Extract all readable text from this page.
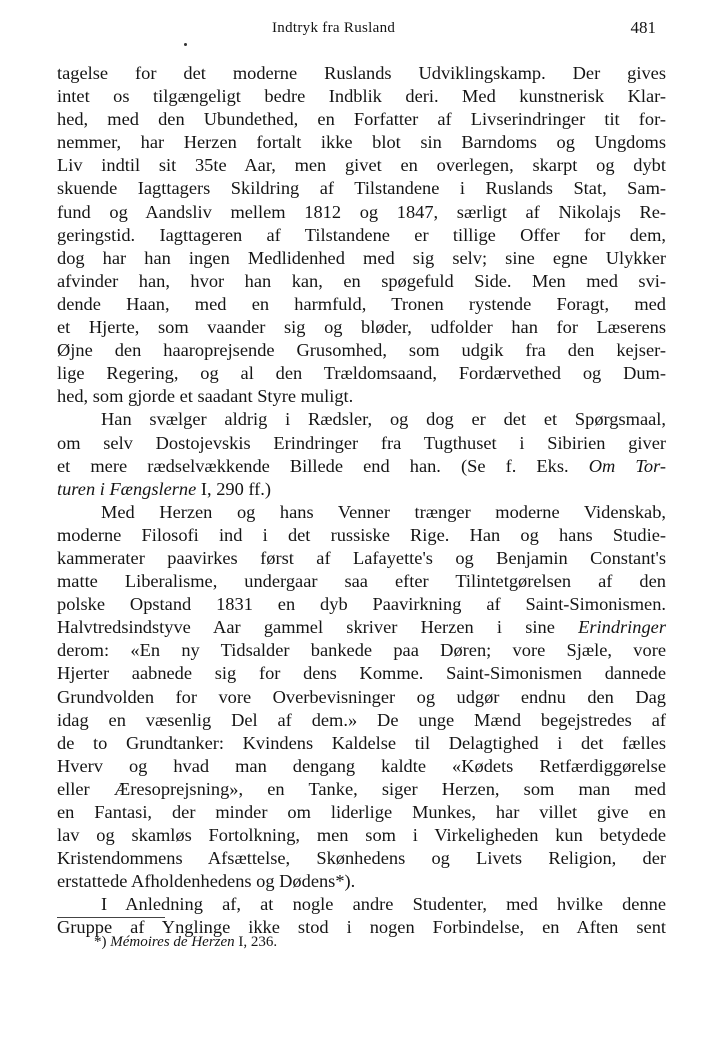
Indtryk fra Rusland	481
tagelse for det moderne Ruslands Udviklingskamp. Der gives
intet os tilgængeligt bedre Indblik deri. Med kunstnerisk Klar-
hed, med den Ubundethed, en Forfatter af Livserindringer tit for-
nemmer, har Herzen fortalt ikke blot sin Barndoms og Ungdoms
Liv indtil sit 35te Aar, men givet en overlegen, skarpt og dybt
skuende Iagttagers Skildring af Tilstandene i Ruslands Stat, Sam-
fund og Aandsliv mellem 1812 og 1847, særligt af Nikolajs Re-
geringstid. Iagttageren af Tilstandene er tillige Offer for dem,
dog har han ingen Medlidenhed med sig selv; sine egne Ulykker
afvinder han, hvor han kan, en spøgefuld Side. Men med svi-
dende Haan, med en harmfuld, Tronen rystende Foragt, med
et Hjerte, som vaander sig og bløder, udfolder han for Læserens
Øjne den haaroprejsende Grusomhed, som udgik fra den kejser-
lige Regering, og al den Trældomsaand, Fordærvethed og Dum-
hed, som gjorde et saadant Styre muligt.
Han svælger aldrig i Rædsler, og dog er det et Spørgsmaal,
om selv Dostojevskis Erindringer fra Tugthuset i Sibirien giver
et mere rædselvækkende Billede end han. (Se f. Eks. Om Tor-
turen i Fængslerne I, 290 ff.)
Med Herzen og hans Venner trænger moderne Videnskab,
moderne Filosofi ind i det russiske Rige. Han og hans Studie-
kammerater paavirkes først af Lafayette's og Benjamin Constant's
matte Liberalisme, undergaar saa efter Tilintetgørelsen af den
polske Opstand 1831 en dyb Paavirkning af Saint-Simonismen.
Halvtredsindstyve Aar gammel skriver Herzen i sine Erindringer
derom: «En ny Tidsalder bankede paa Døren; vore Sjæle, vore
Hjerter aabnede sig for dens Komme. Saint-Simonismen dannede
Grundvolden for vore Overbevisninger og udgør endnu den Dag
idag en væsenlig Del af dem.» De unge Mænd begejstredes af
de to Grundtanker: Kvindens Kaldelse til Delagtighed i det fælles
Hverv og hvad man dengang kaldte «Kødets Retfærdiggørelse
eller Æresoprejsning», en Tanke, siger Herzen, som man med
en Fantasi, der minder om liderlige Munkes, har villet give en
lav og skamløs Fortolkning, men som i Virkeligheden kun betydede
Kristendommens Afsættelse, Skønhedens og Livets Religion, der
erstattede Afholdenhedens og Dødens*).
I Anledning af, at nogle andre Studenter, med hvilke denne
Gruppe af Ynglinge ikke stod i nogen Forbindelse, en Aften sent
*) Mémoires de Herzen I, 236.
